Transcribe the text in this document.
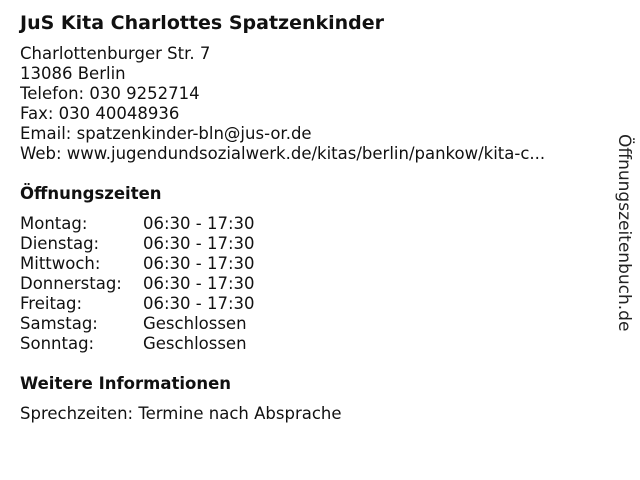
JuS Kita Charlottes Spatzenkinder
Charlottenburger Str. 7
13086 Berlin
Telefon: 030 9252714
Fax: 030 40048936
Email: spatzenkinder-bln@jus-or.de
Web: www.jugendundsozialwerk.de/kitas/berlin/pankow/kita-c...
Öffnungszeiten
Montag:	06:30 - 17:30
Dienstag:	06:30 - 17:30
Mittwoch:	06:30 - 17:30
Donnerstag:	06:30 - 17:30
Freitag:	06:30 - 17:30
Samstag:	Geschlossen
Sonntag:	Geschlossen
Weitere Informationen
Sprechzeiten: Termine nach Absprache
Öffnungszeitenbuch.de
